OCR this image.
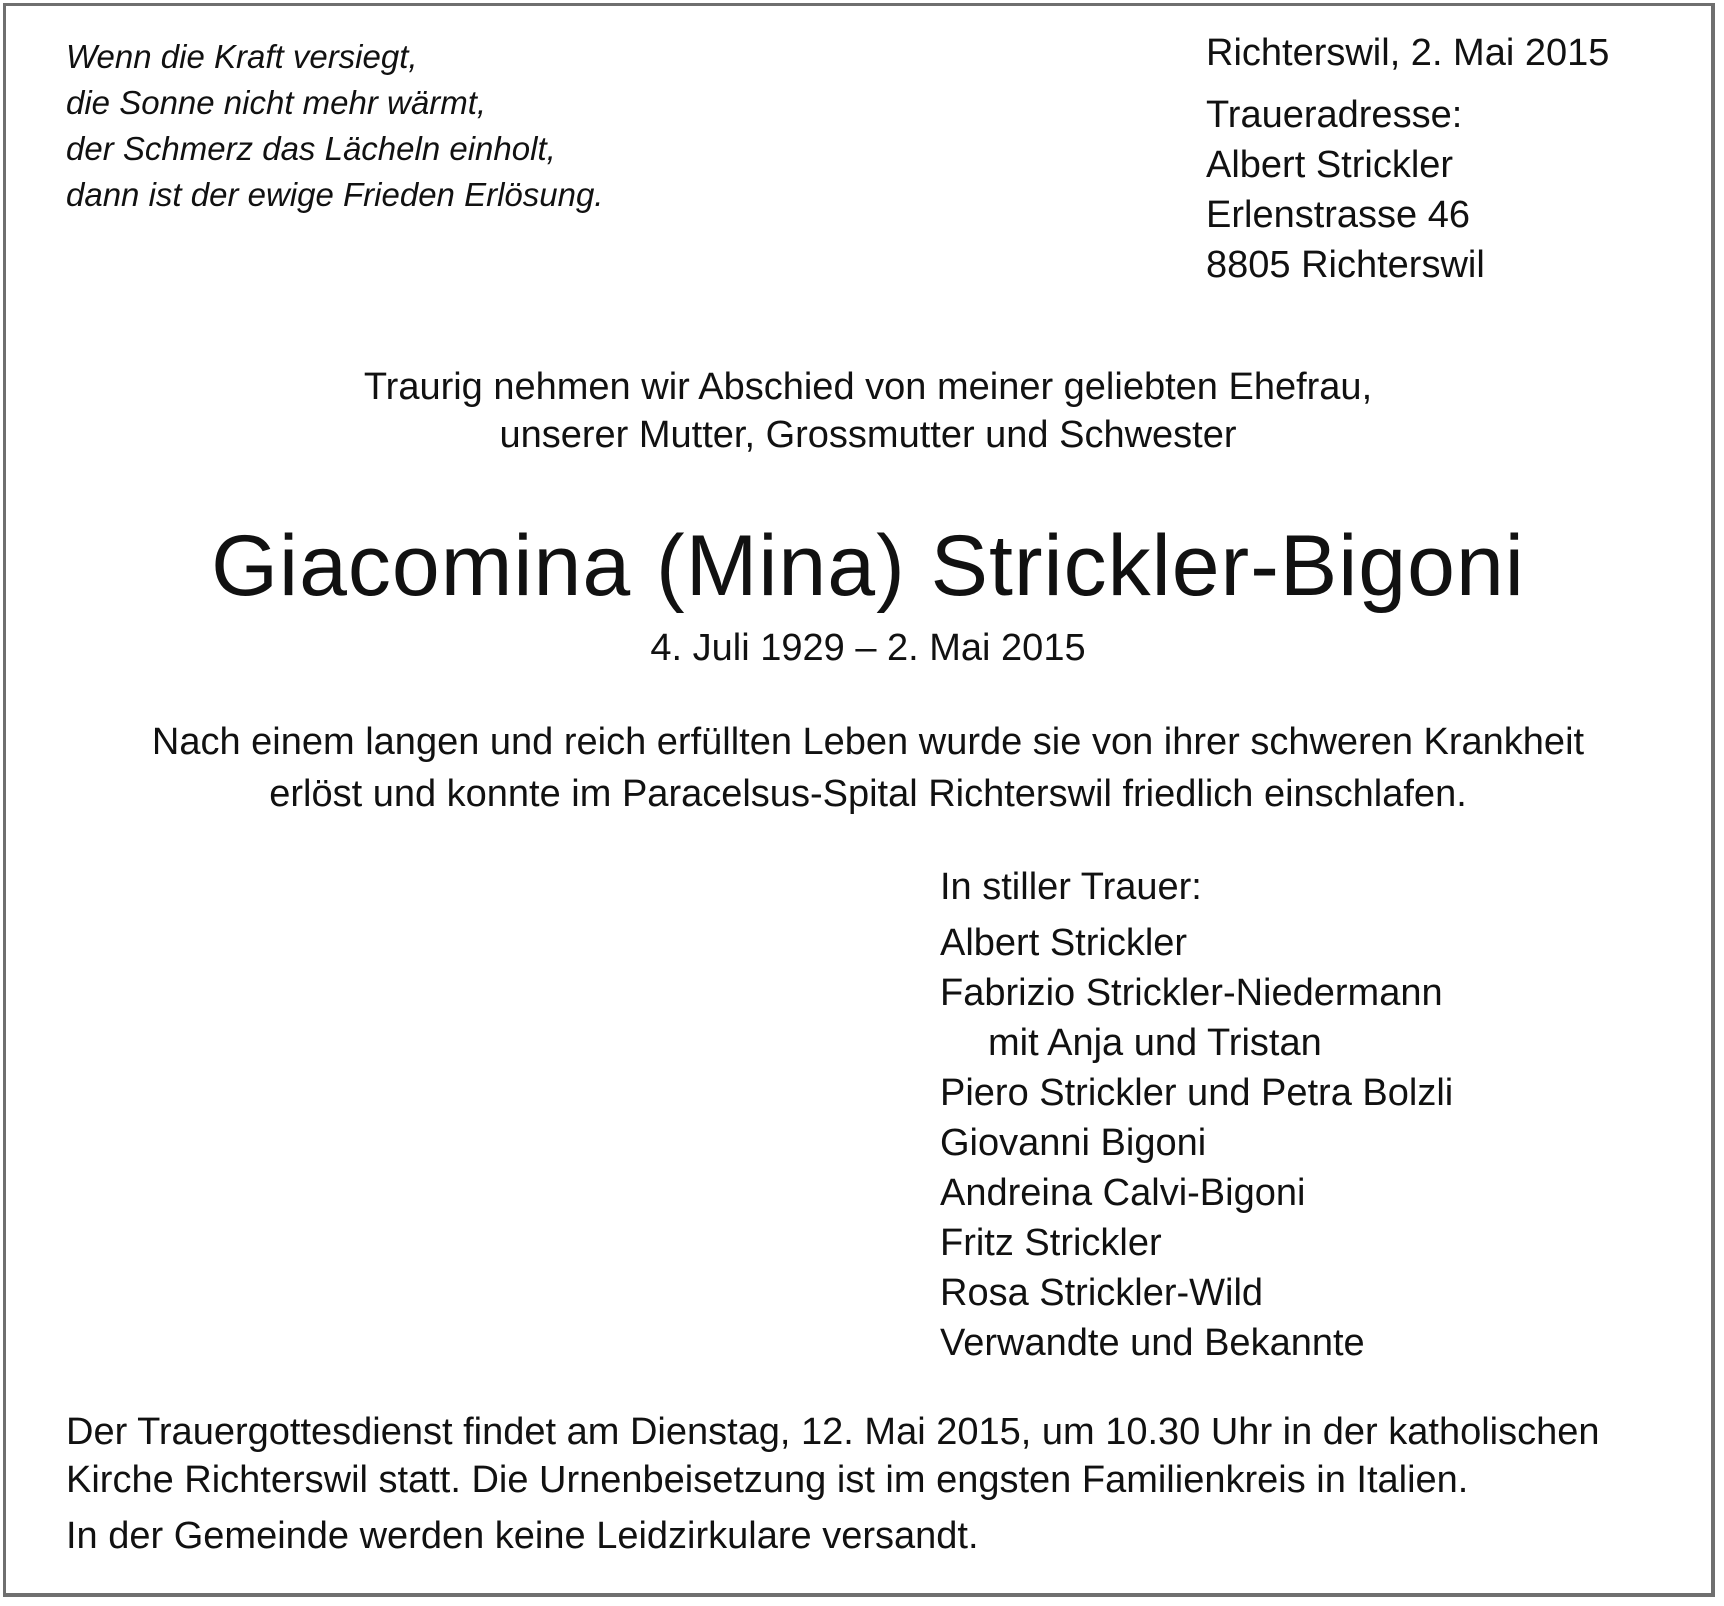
Wenn die Kraft versiegt,
die Sonne nicht mehr wärmt,
der Schmerz das Lächeln einholt,
dann ist der ewige Frieden Erlösung.
Richterswil, 2. Mai 2015
Traueradresse:
Albert Strickler
Erlenstrasse 46
8805 Richterswil
Traurig nehmen wir Abschied von meiner geliebten Ehefrau,
unserer Mutter, Grossmutter und Schwester
Giacomina (Mina) Strickler-Bigoni
4. Juli 1929 – 2. Mai 2015
Nach einem langen und reich erfüllten Leben wurde sie von ihrer schweren Krankheit
erlöst und konnte im Paracelsus-Spital Richterswil friedlich einschlafen.
In stiller Trauer:
Albert Strickler
Fabrizio Strickler-Niedermann
mit Anja und Tristan
Piero Strickler und Petra Bolzli
Giovanni Bigoni
Andreina Calvi-Bigoni
Fritz Strickler
Rosa Strickler-Wild
Verwandte und Bekannte
Der Trauergottesdienst findet am Dienstag, 12. Mai 2015, um 10.30 Uhr in der katholischen
Kirche Richterswil statt. Die Urnenbeisetzung ist im engsten Familienkreis in Italien.
In der Gemeinde werden keine Leidzirkulare versandt.
